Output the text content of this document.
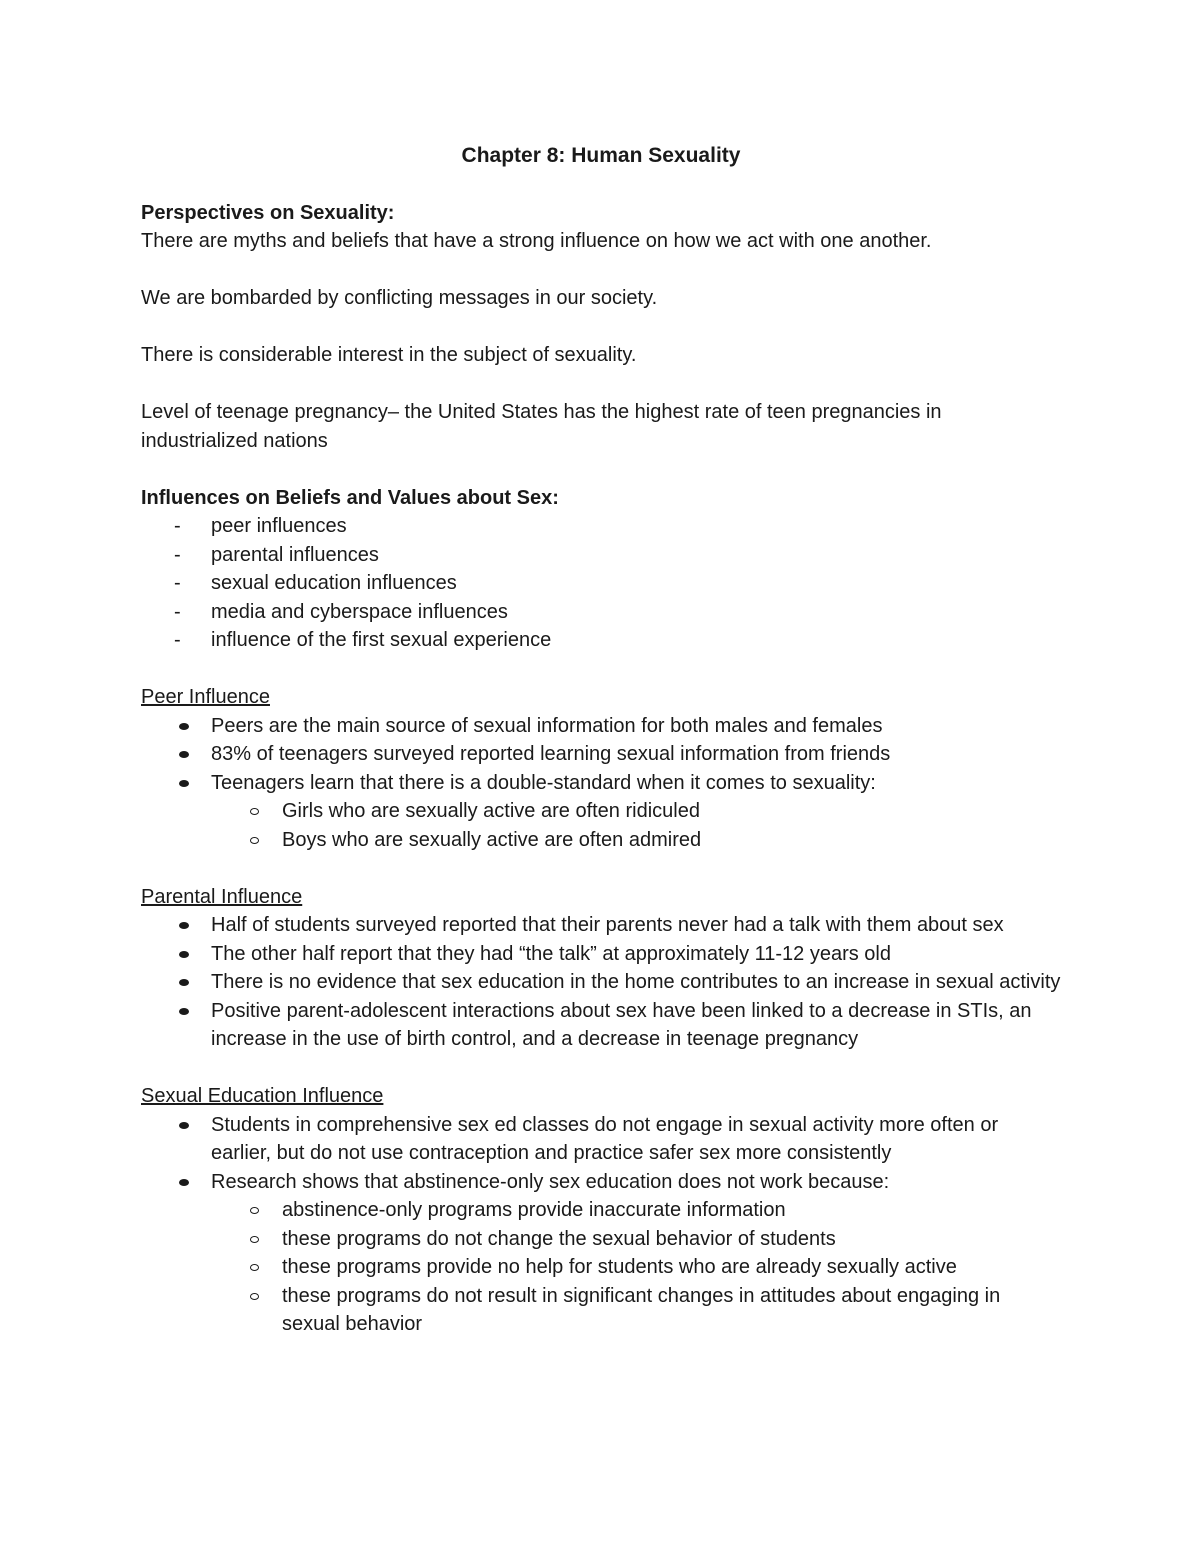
Chapter 8: Human Sexuality

Perspectives on Sexuality:

There are myths and beliefs that have a strong influence on how we act with one another.

We are bombarded by conflicting messages in our society.

There is considerable interest in the subject of sexuality.

Level of teenage pregnancy– the United States has the highest rate of teen pregnancies in industrialized nations

Influences on Beliefs and Values about Sex:

- peer influences
- parental influences
- sexual education influences
- media and cyberspace influences
- influence of the first sexual experience

Peer Influence

Peers are the main source of sexual information for both males and females
83% of teenagers surveyed reported learning sexual information from friends
Teenagers learn that there is a double-standard when it comes to sexuality:
Girls who are sexually active are often ridiculed
Boys who are sexually active are often admired

Parental Influence

Half of students surveyed reported that their parents never had a talk with them about sex
The other half report that they had “the talk” at approximately 11-12 years old
There is no evidence that sex education in the home contributes to an increase in sexual activity
Positive parent-adolescent interactions about sex have been linked to a decrease in STIs, an increase in the use of birth control, and a decrease in teenage pregnancy

Sexual Education Influence

Students in comprehensive sex ed classes do not engage in sexual activity more often or earlier, but do not use contraception and practice safer sex more consistently
Research shows that abstinence-only sex education does not work because:
abstinence-only programs provide inaccurate information
these programs do not change the sexual behavior of students
these programs provide no help for students who are already sexually active
these programs do not result in significant changes in attitudes about engaging in sexual behavior
